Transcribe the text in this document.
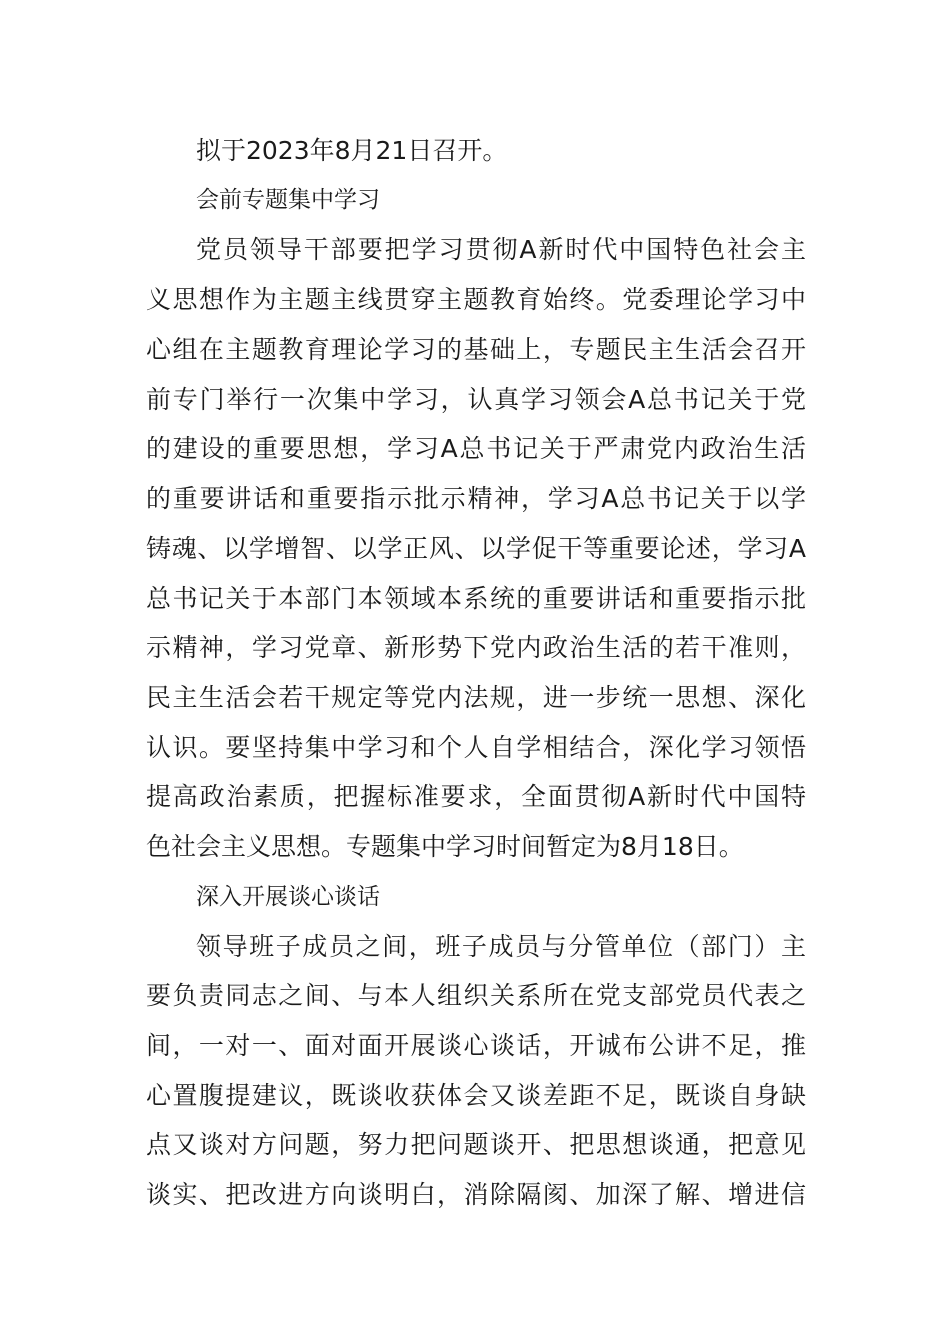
拟于2023年8月21日召开。
会前专题集中学习
党员领导干部要把学习贯彻A新时代中国特色社会主
义思想作为主题主线贯穿主题教育始终。党委理论学习中
心组在主题教育理论学习的基础上，专题民主生活会召开
前专门举行一次集中学习，认真学习领会A总书记关于党
的建设的重要思想，学习A总书记关于严肃党内政治生活
的重要讲话和重要指示批示精神，学习A总书记关于以学
铸魂、以学增智、以学正风、以学促干等重要论述，学习A
总书记关于本部门本领域本系统的重要讲话和重要指示批
示精神，学习党章、新形势下党内政治生活的若干准则，
民主生活会若干规定等党内法规，进一步统一思想、深化
认识。要坚持集中学习和个人自学相结合，深化学习领悟
提高政治素质，把握标准要求，全面贯彻A新时代中国特
色社会主义思想。专题集中学习时间暂定为8月18日。
深入开展谈心谈话
领导班子成员之间，班子成员与分管单位（部门）主
要负责同志之间、与本人组织关系所在党支部党员代表之
间，一对一、面对面开展谈心谈话，开诚布公讲不足，推
心置腹提建议，既谈收获体会又谈差距不足，既谈自身缺
点又谈对方问题，努力把问题谈开、把思想谈通，把意见
谈实、把改进方向谈明白，消除隔阂、加深了解、增进信
